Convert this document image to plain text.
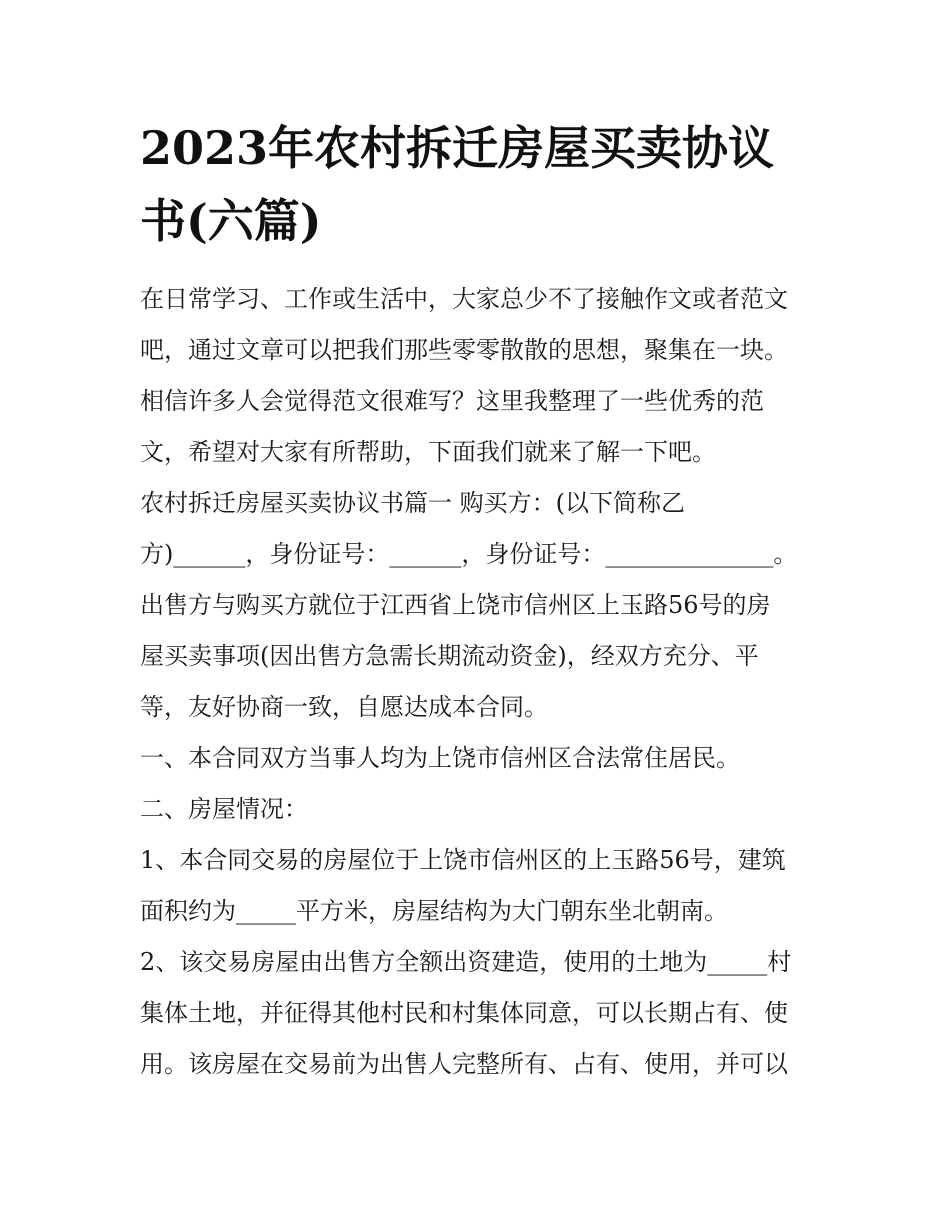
2023年农村拆迁房屋买卖协议
书(六篇)

在日常学习、工作或生活中，大家总少不了接触作文或者范文

吧，通过文章可以把我们那些零零散散的思想，聚集在一块。

相信许多人会觉得范文很难写？这里我整理了一些优秀的范

文，希望对大家有所帮助，下面我们就来了解一下吧。

农村拆迁房屋买卖协议书篇一 购买方：(以下简称乙

方)______，身份证号：______，身份证号：______________。

出售方与购买方就位于江西省上饶市信州区上玉路56号的房

屋买卖事项(因出售方急需长期流动资金)，经双方充分、平

等，友好协商一致，自愿达成本合同。

一、本合同双方当事人均为上饶市信州区合法常住居民。

二、房屋情况：

1、本合同交易的房屋位于上饶市信州区的上玉路56号，建筑

面积约为_____平方米，房屋结构为大门朝东坐北朝南。

2、该交易房屋由出售方全额出资建造，使用的土地为_____村

集体土地，并征得其他村民和村集体同意，可以长期占有、使

用。该房屋在交易前为出售人完整所有、占有、使用，并可以
